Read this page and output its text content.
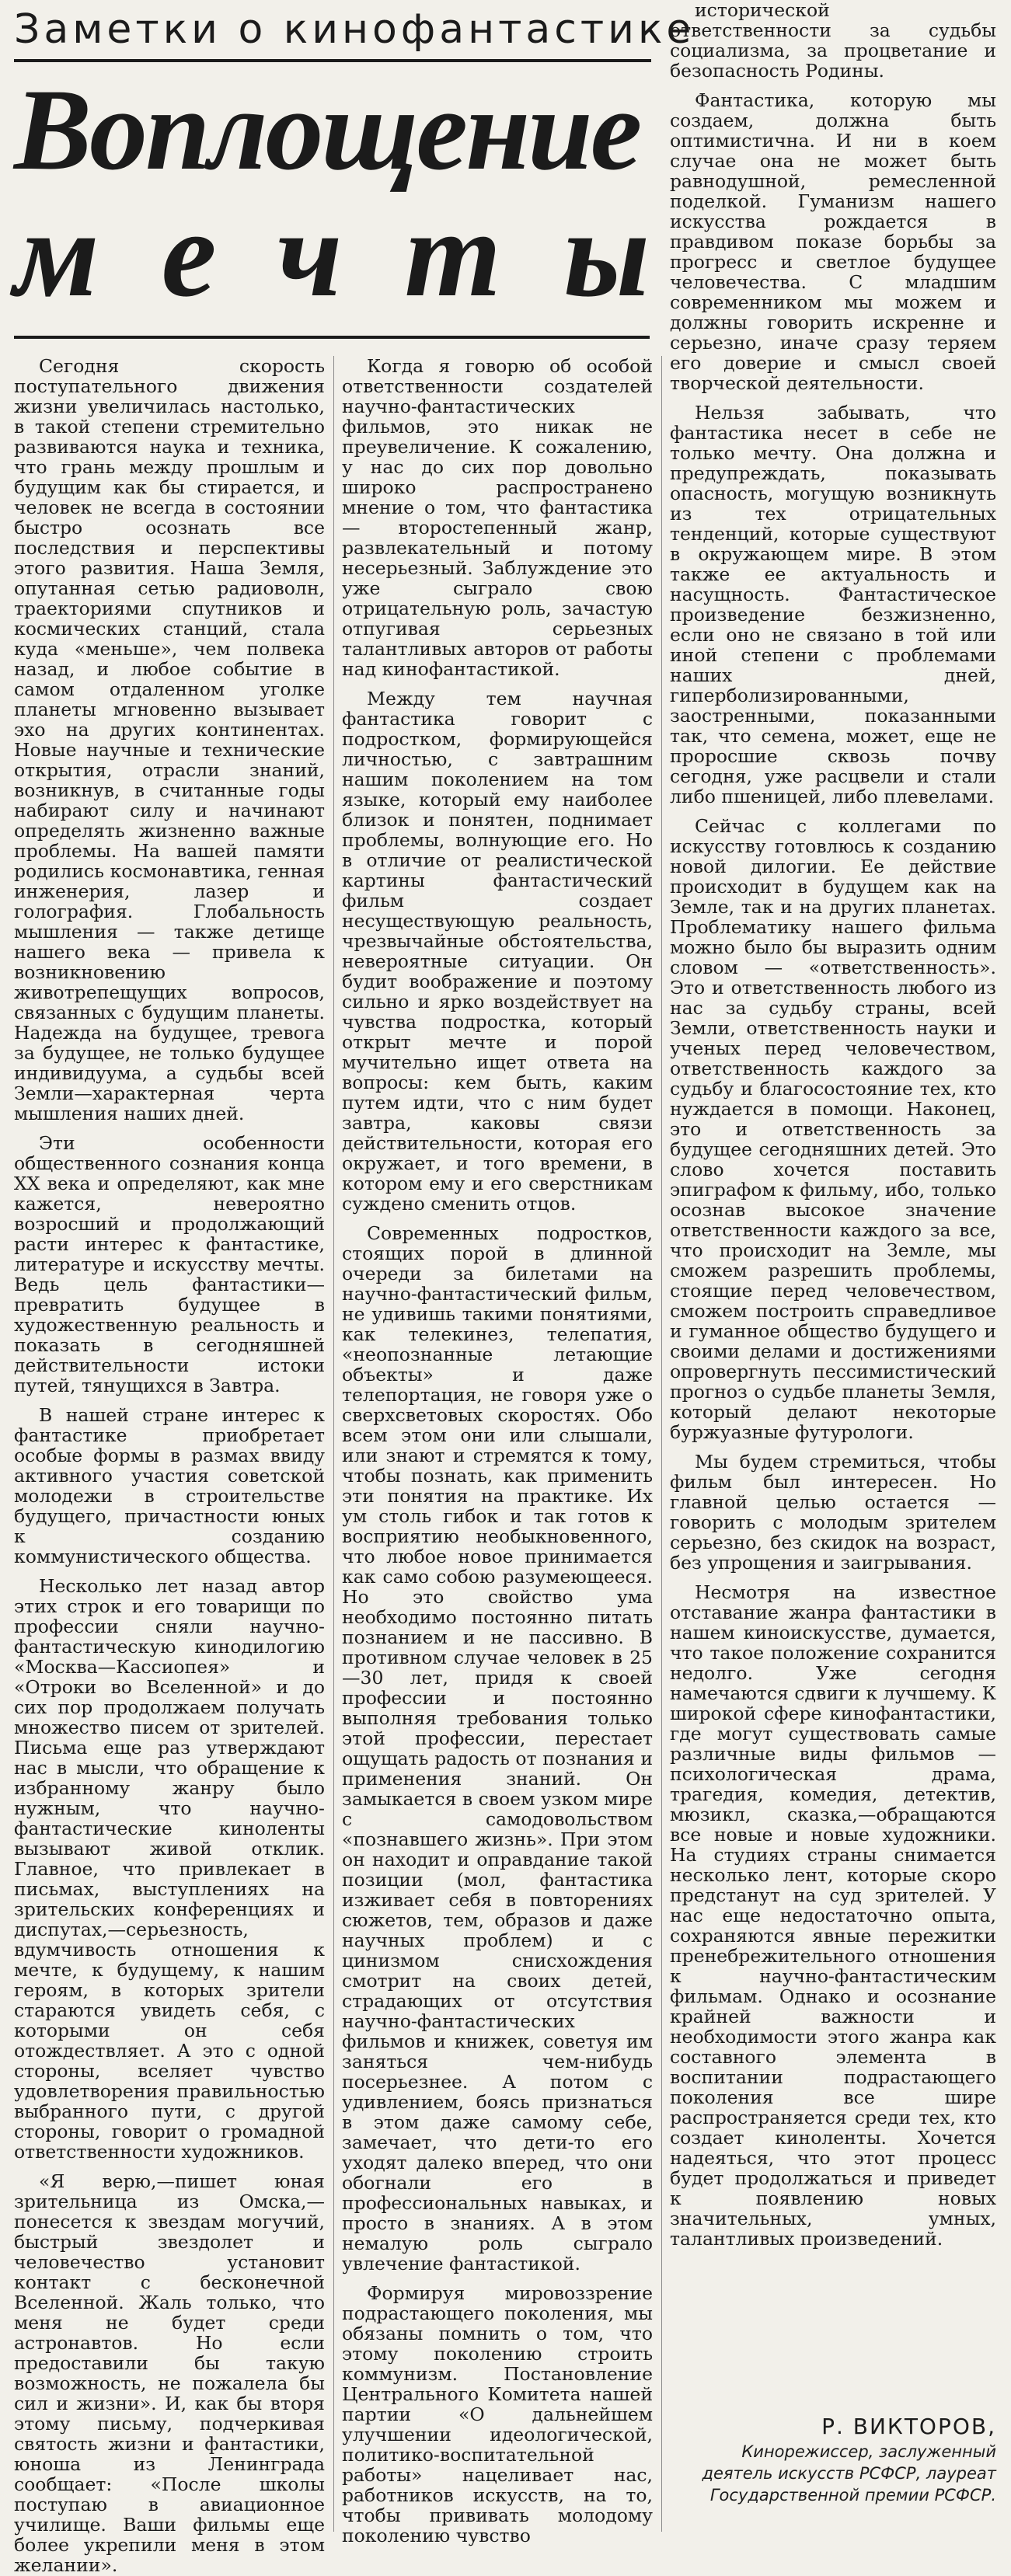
Заметки о кинофантастике
Воплощение
мечты

Сегодня скорость поступательного движения жизни увеличилась настолько, в такой степени стремительно развиваются наука и техника, что грань между прошлым и будущим как бы стирается, и человек не всегда в состоянии быстро осознать все последствия и перспективы этого развития. Наша Земля, опутанная сетью радиоволн, траекториями спутников и космических станций, стала куда «меньше», чем полвека назад, и любое событие в самом отдаленном уголке планеты мгновенно вызывает эхо на других континентах. Новые научные и технические открытия, отрасли знаний, возникнув, в считанные годы набирают силу и начинают определять жизненно важные проблемы. На вашей памяти родились космонавтика, генная инженерия, лазер и голография. Глобальность мышления — также детище нашего века — привела к возникновению животрепещущих вопросов, связанных с будущим планеты. Надежда на будущее, тревога за будущее, не только будущее индивидуума, а судьбы всей Земли—характерная черта мышления наших дней.

Эти особенности общественного сознания конца XX века и определяют, как мне кажется, невероятно возросший и продолжающий расти интерес к фантастике, литературе и искусству мечты. Ведь цель фантастики—превратить будущее в художественную реальность и показать в сегодняшней действительности истоки путей, тянущихся в Завтра.

В нашей стране интерес к фантастике приобретает особые формы в размах ввиду активного участия советской молодежи в строительстве будущего, причастности юных к созданию коммунистического общества.

Несколько лет назад автор этих строк и его товарищи по профессии сняли научно-фантастическую кинодилогию «Москва—Кассиопея» и «Отроки во Вселенной» и до сих пор продолжаем получать множество писем от зрителей. Письма еще раз утверждают нас в мысли, что обращение к избранному жанру было нужным, что научно-фантастические киноленты вызывают живой отклик. Главное, что привлекает в письмах, выступлениях на зрительских конференциях и диспутах,—серьезность, вдумчивость отношения к мечте, к будущему, к нашим героям, в которых зрители стараются увидеть себя, с которыми он себя отождествляет. А это с одной стороны, вселяет чувство удовлетворения правильностью выбранного пути, с другой стороны, говорит о громадной ответственности художников.

«Я верю,—пишет юная зрительница из Омска,— понесется к звездам могучий, быстрый звездолет и человечество установит контакт с бесконечной Вселенной. Жаль только, что меня не будет среди астронавтов. Но если предоставили бы такую возможность, не пожалела бы сил и жизни». И, как бы вторя этому письму, подчеркивая святость жизни и фантастики, юноша из Ленинграда сообщает: «После школы поступаю в авиационное училище. Ваши фильмы еще более укрепили меня в этом желании».

Когда я говорю об особой ответственности создателей научно-фантастических фильмов, это никак не преувеличение. К сожалению, у нас до сих пор довольно широко распространено мнение о том, что фантастика — второстепенный жанр, развлекательный и потому несерьезный. Заблуждение это уже сыграло свою отрицательную роль, зачастую отпугивая серьезных талантливых авторов от работы над кинофантастикой.

Между тем научная фантастика говорит с подростком, формирующейся личностью, с завтрашним нашим поколением на том языке, который ему наиболее близок и понятен, поднимает проблемы, волнующие его. Но в отличие от реалистической картины фантастический фильм создает несуществующую реальность, чрезвычайные обстоятельства, невероятные ситуации. Он будит воображение и поэтому сильно и ярко воздействует на чувства подростка, который открыт мечте и порой мучительно ищет ответа на вопросы: кем быть, каким путем идти, что с ним будет завтра, каковы связи действительности, которая его окружает, и того времени, в котором ему и его сверстникам суждено сменить отцов.

Современных подростков, стоящих порой в длинной очереди за билетами на научно-фантастический фильм, не удивишь такими понятиями, как телекинез, телепатия, «неопознанные летающие объекты» и даже телепортация, не говоря уже о сверхсветовых скоростях. Обо всем этом они или слышали, или знают и стремятся к тому, чтобы познать, как применить эти понятия на практике. Их ум столь гибок и так готов к восприятию необыкновенного, что любое новое принимается как само собою разумеющееся. Но это свойство ума необходимо постоянно питать познанием и не пассивно. В противном случае человек в 25—30 лет, придя к своей профессии и постоянно выполняя требования только этой профессии, перестает ощущать радость от познания и применения знаний. Он замыкается в своем узком мире с самодовольством «познавшего жизнь». При этом он находит и оправдание такой позиции (мол, фантастика изживает себя в повторениях сюжетов, тем, образов и даже научных проблем) и с цинизмом снисхождения смотрит на своих детей, страдающих от отсутствия научно-фантастических фильмов и книжек, советуя им заняться чем-нибудь посерьезнее. А потом с удивлением, боясь признаться в этом даже самому себе, замечает, что дети-то его уходят далеко вперед, что они обогнали его в профессиональных навыках, и просто в знаниях. А в этом немалую роль сыграло увлечение фантастикой.

Формируя мировоззрение подрастающего поколения, мы обязаны помнить о том, что этому поколению строить коммунизм. Постановление Центрального Комитета нашей партии «О дальнейшем улучшении идеологической, политико-воспитательной работы» нацеливает нас, работников искусств, на то, чтобы прививать молодому поколению чувство

исторической ответственности за судьбы социализма, за процветание и безопасность Родины.

Фантастика, которую мы создаем, должна быть оптимистична. И ни в коем случае она не может быть равнодушной, ремесленной поделкой. Гуманизм нашего искусства рождается в правдивом показе борьбы за прогресс и светлое будущее человечества. С младшим современником мы можем и должны говорить искренне и серьезно, иначе сразу теряем его доверие и смысл своей творческой деятельности.

Нельзя забывать, что фантастика несет в себе не только мечту. Она должна и предупреждать, показывать опасность, могущую возникнуть из тех отрицательных тенденций, которые существуют в окружающем мире. В этом также ее актуальность и насущность. Фантастическое произведение безжизненно, если оно не связано в той или иной степени с проблемами наших дней, гиперболизированными, заостренными, показанными так, что семена, может, еще не проросшие сквозь почву сегодня, уже расцвели и стали либо пшеницей, либо плевелами.

Сейчас с коллегами по искусству готовлюсь к созданию новой дилогии. Ее действие происходит в будущем как на Земле, так и на других планетах. Проблематику нашего фильма можно было бы выразить одним словом — «ответственность». Это и ответственность любого из нас за судьбу страны, всей Земли, ответственность науки и ученых перед человечеством, ответственность каждого за судьбу и благосостояние тех, кто нуждается в помощи. Наконец, это и ответственность за будущее сегодняшних детей. Это слово хочется поставить эпиграфом к фильму, ибо, только осознав высокое значение ответственности каждого за все, что происходит на Земле, мы сможем разрешить проблемы, стоящие перед человечеством, сможем построить справедливое и гуманное общество будущего и своими делами и достижениями опровергнуть пессимистический прогноз о судьбе планеты Земля, который делают некоторые буржуазные футурологи.

Мы будем стремиться, чтобы фильм был интересен. Но главной целью остается — говорить с молодым зрителем серьезно, без скидок на возраст, без упрощения и заигрывания.

Несмотря на известное отставание жанра фантастики в нашем киноискусстве, думается, что такое положение сохранится недолго. Уже сегодня намечаются сдвиги к лучшему. К широкой сфере кинофантастики, где могут существовать самые различные виды фильмов — психологическая драма, трагедия, комедия, детектив, мюзикл, сказка,—обращаются все новые и новые художники. На студиях страны снимается несколько лент, которые скоро предстанут на суд зрителей. У нас еще недостаточно опыта, сохраняются явные пережитки пренебрежительного отношения к научно-фантастическим фильмам. Однако и осознание крайней важности и необходимости этого жанра как составного элемента в воспитании подрастающего поколения все шире распространяется среди тех, кто создает киноленты. Хочется надеяться, что этот процесс будет продолжаться и приведет к появлению новых значительных, умных, талантливых произведений.

Р. ВИКТОРОВ,
Кинорежиссер, заслуженный деятель искусств РСФСР, лауреат Государственной премии РСФСР.
